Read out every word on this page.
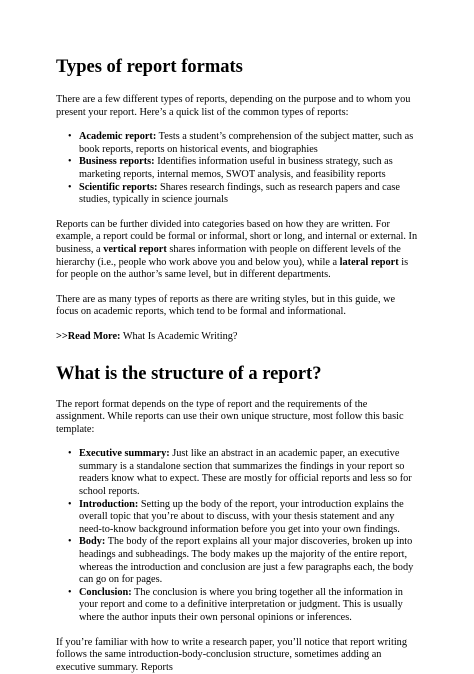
Types of report formats

There are a few different types of reports, depending on the purpose and to whom you present your report. Here’s a quick list of the common types of reports:

• Academic report: Tests a student’s comprehension of the subject matter, such as book reports, reports on historical events, and biographies
• Business reports: Identifies information useful in business strategy, such as marketing reports, internal memos, SWOT analysis, and feasibility reports
• Scientific reports: Shares research findings, such as research papers and case studies, typically in science journals

Reports can be further divided into categories based on how they are written. For example, a report could be formal or informal, short or long, and internal or external. In business, a vertical report shares information with people on different levels of the hierarchy (i.e., people who work above you and below you), while a lateral report is for people on the author’s same level, but in different departments.

There are as many types of reports as there are writing styles, but in this guide, we focus on academic reports, which tend to be formal and informational.

>>Read More: What Is Academic Writing?

What is the structure of a report?

The report format depends on the type of report and the requirements of the assignment. While reports can use their own unique structure, most follow this basic template:

• Executive summary: Just like an abstract in an academic paper, an executive summary is a standalone section that summarizes the findings in your report so readers know what to expect. These are mostly for official reports and less so for school reports.
• Introduction: Setting up the body of the report, your introduction explains the overall topic that you’re about to discuss, with your thesis statement and any need-to-know background information before you get into your own findings.
• Body: The body of the report explains all your major discoveries, broken up into headings and subheadings. The body makes up the majority of the entire report, whereas the introduction and conclusion are just a few paragraphs each, the body can go on for pages.
• Conclusion: The conclusion is where you bring together all the information in your report and come to a definitive interpretation or judgment. This is usually where the author inputs their own personal opinions or inferences.

If you’re familiar with how to write a research paper, you’ll notice that report writing follows the same introduction-body-conclusion structure, sometimes adding an executive summary. Reports
